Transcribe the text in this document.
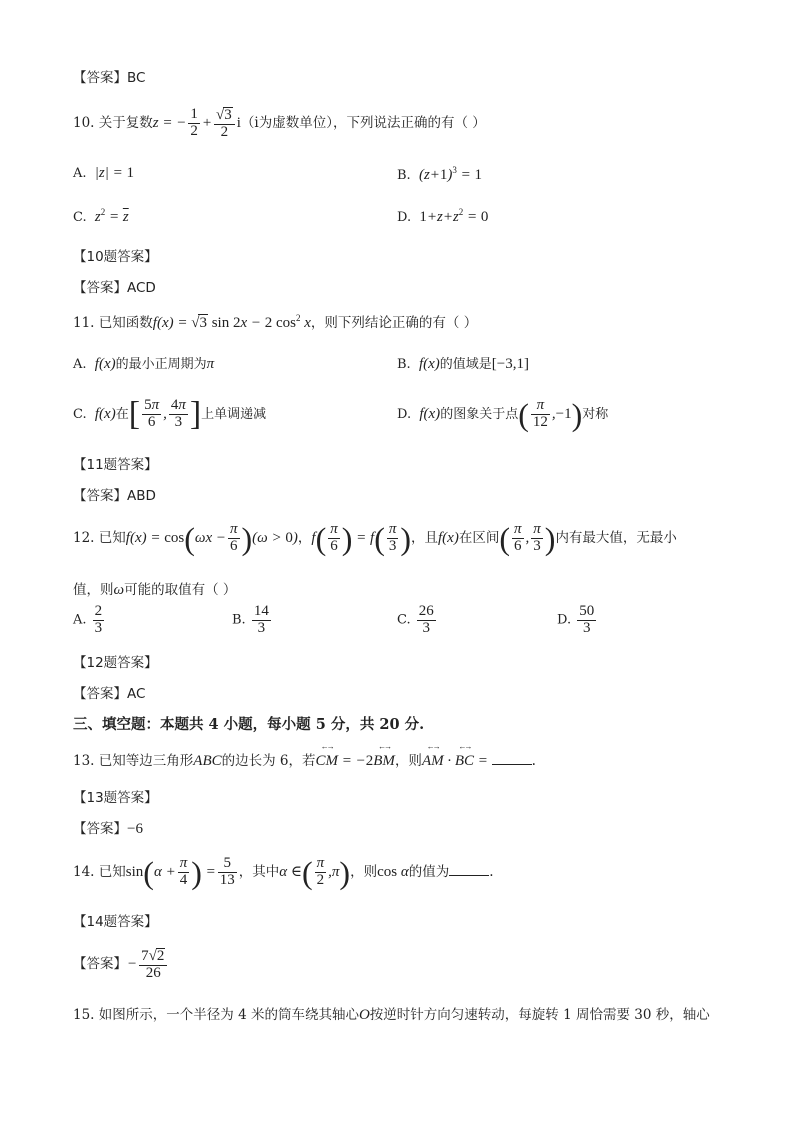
【答案】BC
10. 关于复数z = − $\frac{1}{2} + \frac{√3}{2} i(i$为虚数单位），下列说法正确的有（ ）
A. |z| = 1	B. $(z+1)^3 = 1$
C. $z^2 = \overline{z}$	D. $1+z+z^2 = 0$
【10题答案】
【答案】ACD
11. 已知函数f(x) = √3 sin 2x − 2 $\cos^2 x$，则下列结论正确的有（ ）
A. f(x)的最小正周期为π	B. f(x)的值域是[−3,1]
C. f(x)在[ $\frac{5\pi}{6}$ , $\frac{4\pi}{3}$ ]上单调递减	D. f(x)的图象关于点( $\frac{\pi}{12} ,-1$)对称
【11题答案】
【答案】ABD
12. 已知$f(x) = \cos(\omega x - \frac{\pi}{6} )(\omega > 0)$，$f( \frac{\pi}{6}$ ) = $f( \frac{\pi}{3}$ )，且f(x)在区间( $\frac{\pi}{6}$ , $\frac{\pi}{3}$ )内有最大值，无最小
值，则ω可能的取值有（ ）
A. $\frac{2}{3}$	B. $\frac{14}{3}$	C. $\frac{26}{3}$	D. $\frac{50}{3}$
【12题答案】
【答案】AC
三、填空题：本题共 4 小题，每小题 5 分，共 20 分.
13. 已知等边三角形ABC的边长为 6，若←→ CM = −2←→ BM，则←→ AM · ←→ BC =	.
【13题答案】
【答案】−6
14. 已知$\sin(\alpha + \frac{\pi}{4}$ ) = $\frac{5}{13}$ ，其中α ∈( $\frac{\pi}{2} ,\pi$)，则cos α的值为	.
【14题答案】
【答案】− $\frac{7√2}{26}$
15. 如图所示，一个半径为 4 米的筒车绕其轴心O按逆时针方向匀速转动，每旋转 1 周恰需要 30 秒，轴心
